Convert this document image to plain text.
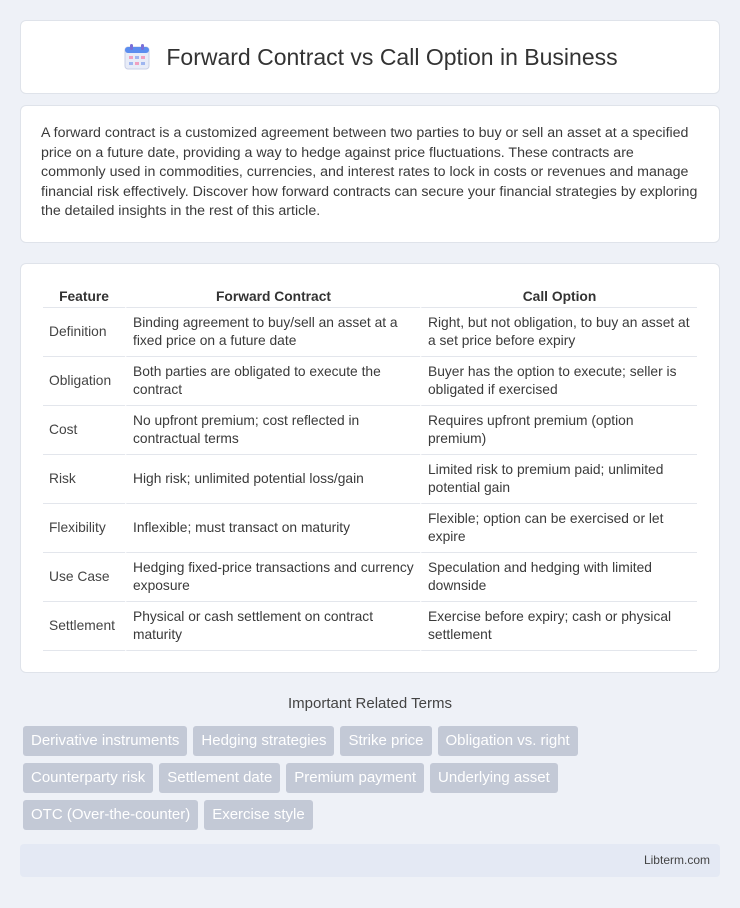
Forward Contract vs Call Option in Business

A forward contract is a customized agreement between two parties to buy or sell an asset at a specified price on a future date, providing a way to hedge against price fluctuations. These contracts are commonly used in commodities, currencies, and interest rates to lock in costs or revenues and manage financial risk effectively. Discover how forward contracts can secure your financial strategies by exploring the detailed insights in the rest of this article.

Feature	Forward Contract	Call Option
Definition	Binding agreement to buy/sell an asset at a fixed price on a future date	Right, but not obligation, to buy an asset at a set price before expiry
Obligation	Both parties are obligated to execute the contract	Buyer has the option to execute; seller is obligated if exercised
Cost	No upfront premium; cost reflected in contractual terms	Requires upfront premium (option premium)
Risk	High risk; unlimited potential loss/gain	Limited risk to premium paid; unlimited potential gain
Flexibility	Inflexible; must transact on maturity	Flexible; option can be exercised or let expire
Use Case	Hedging fixed-price transactions and currency exposure	Speculation and hedging with limited downside
Settlement	Physical or cash settlement on contract maturity	Exercise before expiry; cash or physical settlement
Important Related Terms
Derivative instruments	Hedging strategies	Strike price	Obligation vs. right
Counterparty risk	Settlement date	Premium payment	Underlying asset
OTC (Over-the-counter)	Exercise style
Libterm.com
